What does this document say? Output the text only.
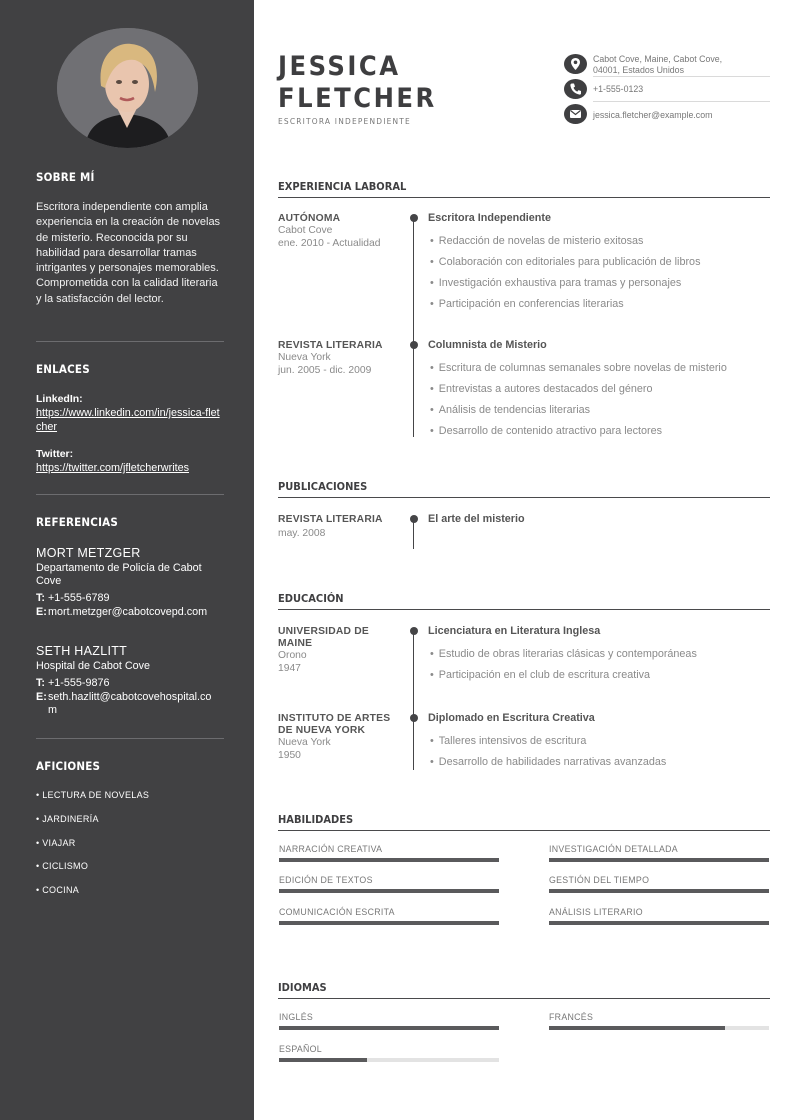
SOBRE MÍ
Escritora independiente con amplia experiencia en la creación de novelas de misterio. Reconocida por su habilidad para desarrollar tramas intrigantes y personajes memorables. Comprometida con la calidad literaria y la satisfacción del lector.
ENLACES
LinkedIn:
https://www.linkedin.com/in/jessica-fletcher
Twitter:
https://twitter.com/jfletcherwrites
REFERENCIAS
MORT METZGER
Departamento de Policía de Cabot Cove
T: +1-555-6789
E: mort.metzger@cabotcovepd.com
SETH HAZLITT
Hospital de Cabot Cove
T: +1-555-9876
E: seth.hazlitt@cabotcovehospital.com
AFICIONES
• LECTURA DE NOVELAS
• JARDINERÍA
• VIAJAR
• CICLISMO
• COCINA
JESSICA
FLETCHER
ESCRITORA INDEPENDIENTE
Cabot Cove, Maine, Cabot Cove,
04001, Estados Unidos
+1-555-0123
jessica.fletcher@example.com
EXPERIENCIA LABORAL
AUTÓNOMA
Cabot Cove
ene. 2010 - Actualidad
Escritora Independiente
• Redacción de novelas de misterio exitosas
• Colaboración con editoriales para publicación de libros
• Investigación exhaustiva para tramas y personajes
• Participación en conferencias literarias
REVISTA LITERARIA
Nueva York
jun. 2005 - dic. 2009
Columnista de Misterio
• Escritura de columnas semanales sobre novelas de misterio
• Entrevistas a autores destacados del género
• Análisis de tendencias literarias
• Desarrollo de contenido atractivo para lectores
PUBLICACIONES
REVISTA LITERARIA
may. 2008
El arte del misterio
EDUCACIÓN
UNIVERSIDAD DE
MAINE
Orono
1947
Licenciatura en Literatura Inglesa
• Estudio de obras literarias clásicas y contemporáneas
• Participación en el club de escritura creativa
INSTITUTO DE ARTES
DE NUEVA YORK
Nueva York
1950
Diplomado en Escritura Creativa
• Talleres intensivos de escritura
• Desarrollo de habilidades narrativas avanzadas
HABILIDADES
NARRACIÓN CREATIVA	INVESTIGACIÓN DETALLADA
EDICIÓN DE TEXTOS	GESTIÓN DEL TIEMPO
COMUNICACIÓN ESCRITA	ANÁLISIS LITERARIO
IDIOMAS
INGLÉS	FRANCÉS
ESPAÑOL
